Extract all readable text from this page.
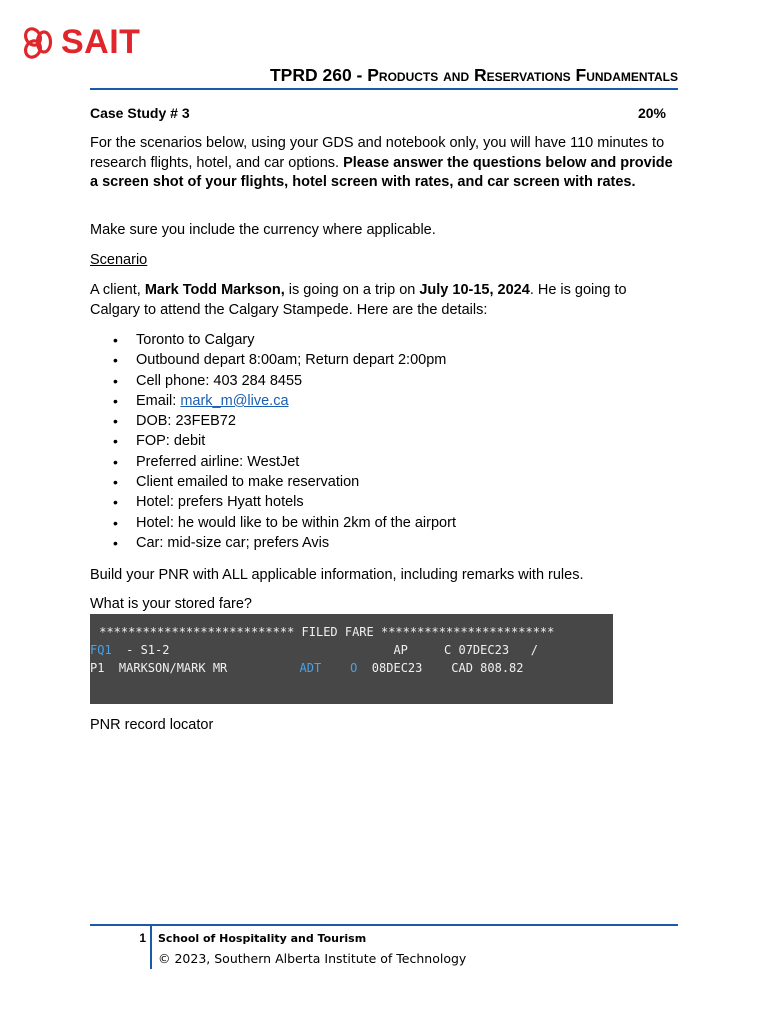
SAIT
TPRD 260 - Products and Reservations Fundamentals
Case Study # 3	20%
For the scenarios below, using your GDS and notebook only, you will have 110 minutes to research flights, hotel, and car options. Please answer the questions below and provide a screen shot of your flights, hotel screen with rates, and car screen with rates.
Make sure you include the currency where applicable.
Scenario
A client, Mark Todd Markson, is going on a trip on July 10-15, 2024. He is going to Calgary to attend the Calgary Stampede. Here are the details:
• Toronto to Calgary
• Outbound depart 8:00am; Return depart 2:00pm
• Cell phone: 403 284 8455
• Email: mark_m@live.ca
• DOB: 23FEB72
• FOP: debit
• Preferred airline: WestJet
• Client emailed to make reservation
• Hotel: prefers Hyatt hotels
• Hotel: he would like to be within 2km of the airport
• Car: mid-size car; prefers Avis
Build your PNR with ALL applicable information, including remarks with rules.
What is your stored fare?
*************************** FILED FARE ************************
FQ1  - S1-2                               AP     C 07DEC23   /
P1  MARKSON/MARK MR          ADT O  08DEC23    CAD 808.82
PNR record locator
1 School of Hospitality and Tourism
© 2023, Southern Alberta Institute of Technology
